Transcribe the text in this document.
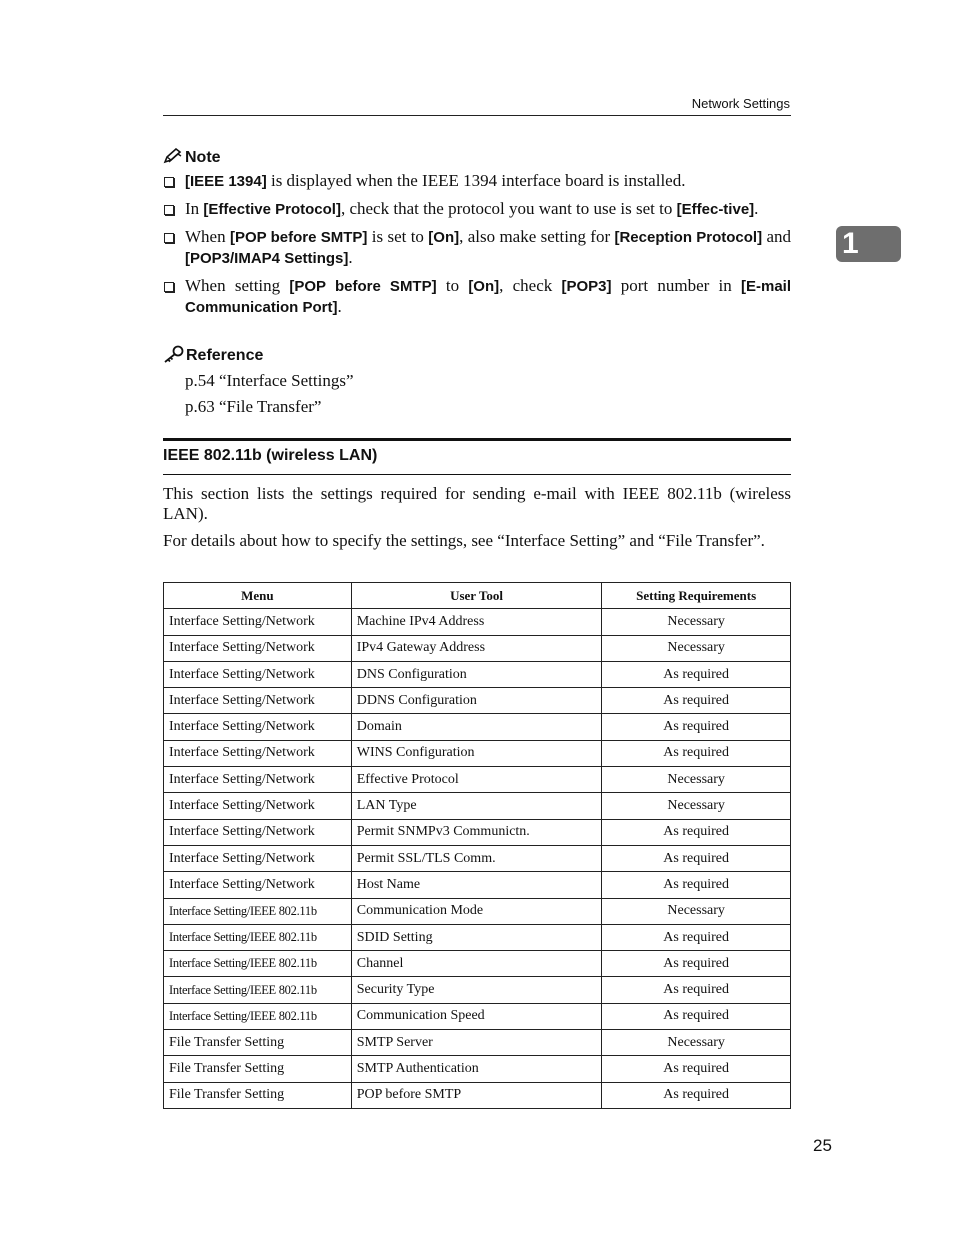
Network Settings
1
Note
[IEEE 1394] is displayed when the IEEE 1394 interface board is installed.
In [Effective Protocol], check that the protocol you want to use is set to [Effec-tive].
When [POP before SMTP] is set to [On], also make setting for [Reception Protocol] and [POP3/IMAP4 Settings].
When setting [POP before SMTP] to [On], check [POP3] port number in [E-mail Communication Port].
Reference
p.54 “Interface Settings”
p.63 “File Transfer”
IEEE 802.11b (wireless LAN)
This section lists the settings required for sending e-mail with IEEE 802.11b (wireless LAN).
For details about how to specify the settings, see “Interface Setting” and “File Transfer”.
Menu	User Tool	Setting Requirements
Interface Setting/Network	Machine IPv4 Address	Necessary
Interface Setting/Network	IPv4 Gateway Address	Necessary
Interface Setting/Network	DNS Configuration	As required
Interface Setting/Network	DDNS Configuration	As required
Interface Setting/Network	Domain	As required
Interface Setting/Network	WINS Configuration	As required
Interface Setting/Network	Effective Protocol	Necessary
Interface Setting/Network	LAN Type	Necessary
Interface Setting/Network	Permit SNMPv3 Communictn.	As required
Interface Setting/Network	Permit SSL/TLS Comm.	As required
Interface Setting/Network	Host Name	As required
Interface Setting/IEEE 802.11b	Communication Mode	Necessary
Interface Setting/IEEE 802.11b	SDID Setting	As required
Interface Setting/IEEE 802.11b	Channel	As required
Interface Setting/IEEE 802.11b	Security Type	As required
Interface Setting/IEEE 802.11b	Communication Speed	As required
File Transfer Setting	SMTP Server	Necessary
File Transfer Setting	SMTP Authentication	As required
File Transfer Setting	POP before SMTP	As required
25
